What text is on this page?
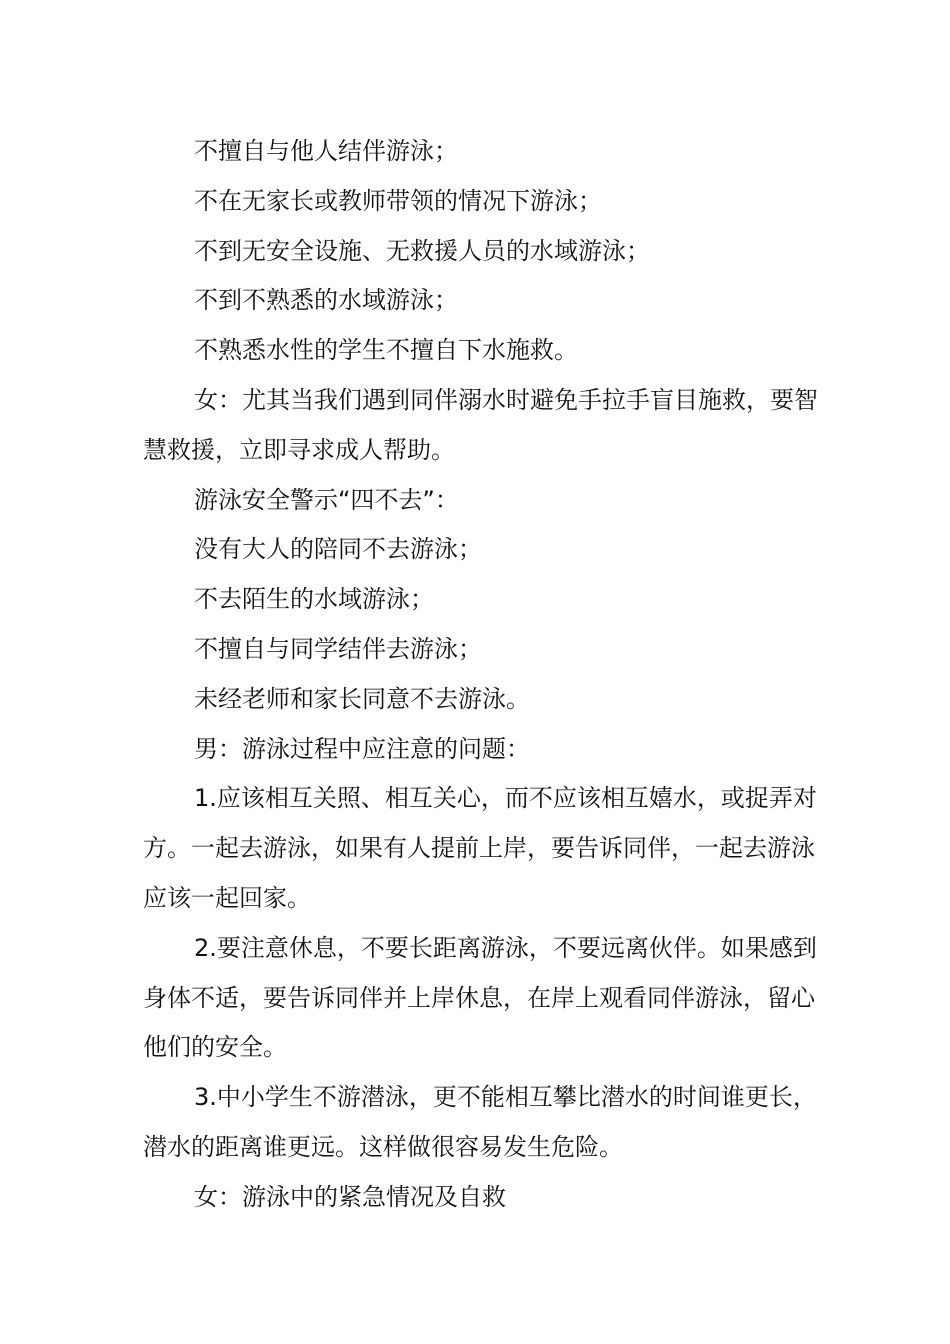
不擅自与他人结伴游泳；

不在无家长或教师带领的情况下游泳；

不到无安全设施、无救援人员的水域游泳；

不到不熟悉的水域游泳；

不熟悉水性的学生不擅自下水施救。

女：尤其当我们遇到同伴溺水时避免手拉手盲目施救，要智慧救援，立即寻求成人帮助。

游泳安全警示“四不去”：

没有大人的陪同不去游泳；

不去陌生的水域游泳；

不擅自与同学结伴去游泳；

未经老师和家长同意不去游泳。

男：游泳过程中应注意的问题：

1.应该相互关照、相互关心，而不应该相互嬉水，或捉弄对方。一起去游泳，如果有人提前上岸，要告诉同伴，一起去游泳应该一起回家。

2.要注意休息，不要长距离游泳，不要远离伙伴。如果感到身体不适，要告诉同伴并上岸休息，在岸上观看同伴游泳，留心他们的安全。

3.中小学生不游潜泳，更不能相互攀比潜水的时间谁更长，潜水的距离谁更远。这样做很容易发生危险。

女：游泳中的紧急情况及自救
